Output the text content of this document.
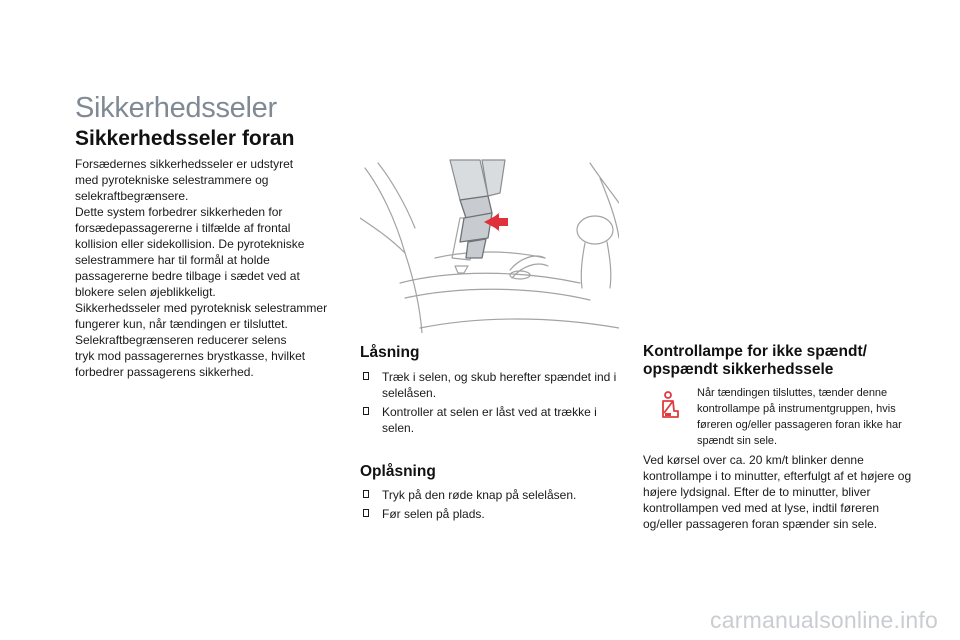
Sikkerhedsseler
Sikkerhedsseler foran

Forsædernes sikkerhedsseler er udstyret

med pyrotekniske selestrammere og

selekraftbegrænsere.

Dette system forbedrer sikkerheden for

forsædepassagererne i tilfælde af frontal

kollision eller sidekollision. De pyrotekniske

selestrammere har til formål at holde

passagererne bedre tilbage i sædet ved at

blokere selen øjeblikkeligt.

Sikkerhedsseler med pyroteknisk selestrammer

fungerer kun, når tændingen er tilsluttet.

Selekraftbegrænseren reducerer selens

tryk mod passagerernes brystkasse, hvilket

forbedrer passagerens sikkerhed.

Låsning
Træk i selen, og skub herefter spændet ind i selelåsen.
Kontroller at selen er låst ved at trække i selen.
Oplåsning
Tryk på den røde knap på selelåsen.
Før selen på plads.
Kontrollampe for ikke spændt/
opspændt sikkerhedssele

Når tændingen tilsluttes, tænder denne kontrollampe på instrumentgruppen, hvis føreren og/eller passageren foran ikke har spændt sin sele.

Ved kørsel over ca. 20 km/t blinker denne kontrollampe i to minutter, efterfulgt af et højere og højere lydsignal. Efter de to minutter, bliver kontrollampen ved med at lyse, indtil føreren og/eller passageren foran spænder sin sele.

carmanualsonline.info
